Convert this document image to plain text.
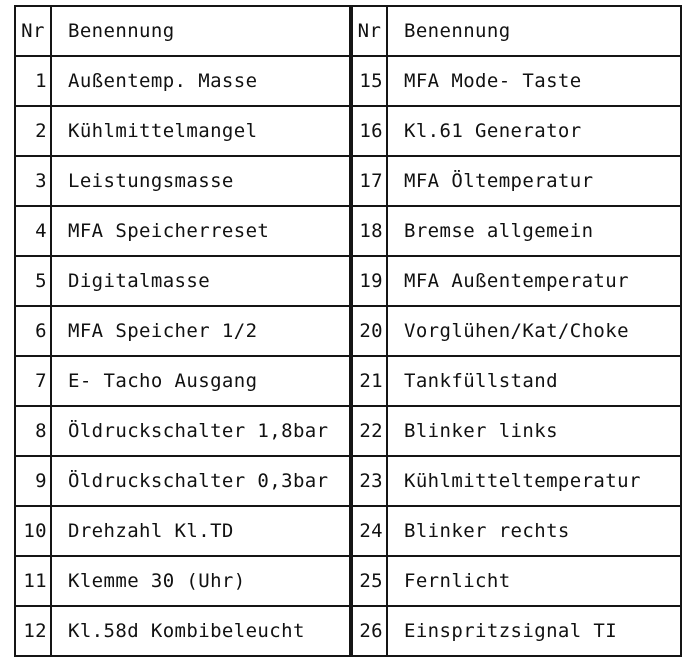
Nr	Benennung	Nr	Benennung
1	Außentemp. Masse	15	MFA Mode- Taste
2	Kühlmittelmangel	16	Kl.61 Generator
3	Leistungsmasse	17	MFA Öltemperatur
4	MFA Speicherreset	18	Bremse allgemein
5	Digitalmasse	19	MFA Außentemperatur
6	MFA Speicher 1/2	20	Vorglühen/Kat/Choke
7	E- Tacho Ausgang	21	Tankfüllstand
8	Öldruckschalter 1,8bar	22	Blinker links
9	Öldruckschalter 0,3bar	23	Kühlmitteltemperatur
10	Drehzahl Kl.TD	24	Blinker rechts
11	Klemme 30 (Uhr)	25	Fernlicht
12	Kl.58d Kombibeleucht	26	Einspritzsignal TI
